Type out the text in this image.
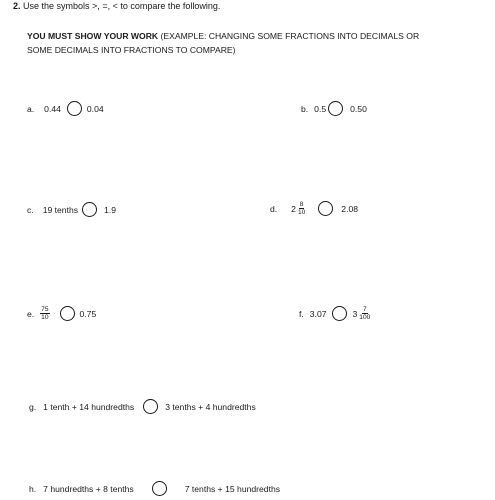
2. Use the symbols >, =, < to compare the following.
YOU MUST SHOW YOUR WORK (EXAMPLE: CHANGING SOME FRACTIONS INTO DECIMALS OR
SOME DECIMALS INTO FRACTIONS TO COMPARE)
a. 0.44	0.04	b. 0.5	0.50
c. 19 tenths	1.9	d. $2 \frac{8}{10}$	2.08
e. $\frac{75}{10}$	0.75	f. 3.07	$3 \frac{7}{100}$
g. 1 tenth + 14 hundredths	3 tenths + 4 hundredths
h. 7 hundredths + 8 tenths	7 tenths + 15 hundredths
